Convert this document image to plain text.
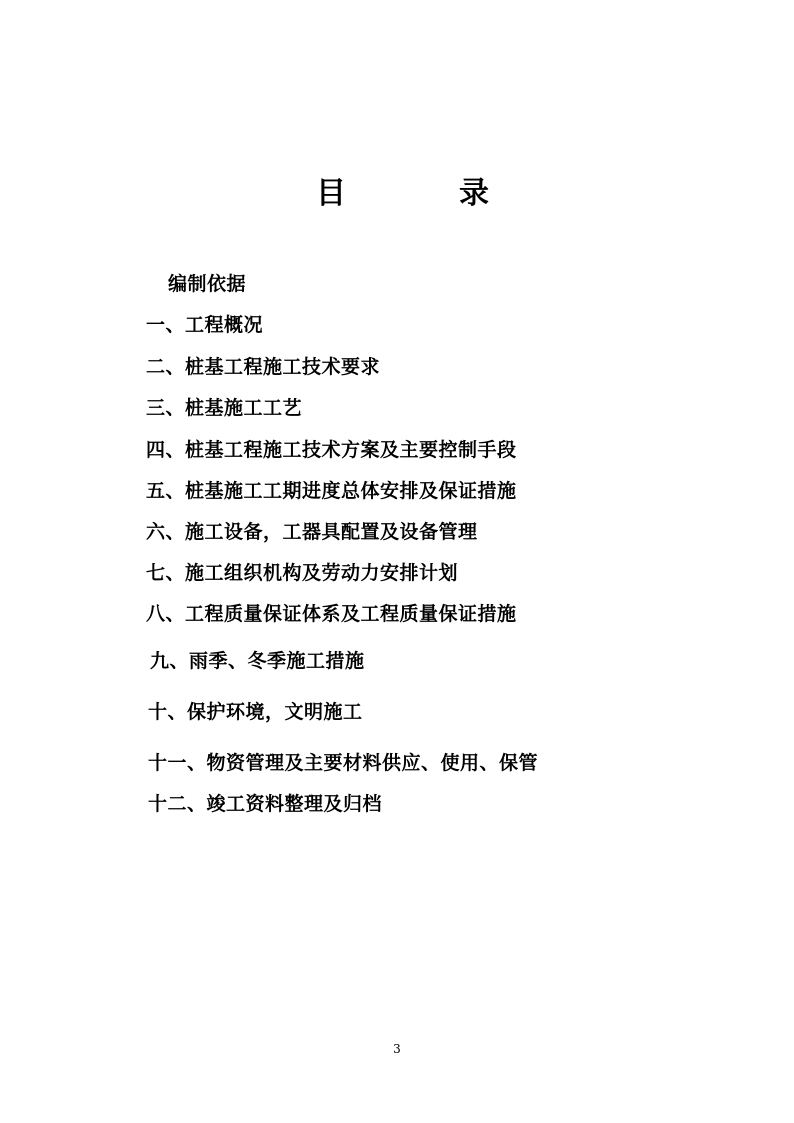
目	录
编制依据
一、工程概况
二、桩基工程施工技术要求
三、桩基施工工艺
四、桩基工程施工技术方案及主要控制手段
五、桩基施工工期进度总体安排及保证措施
六、施工设备，工器具配置及设备管理
七、施工组织机构及劳动力安排计划
八、工程质量保证体系及工程质量保证措施
九、雨季、冬季施工措施
十、保护环境，文明施工
十一、物资管理及主要材料供应、使用、保管
十二、竣工资料整理及归档
3
